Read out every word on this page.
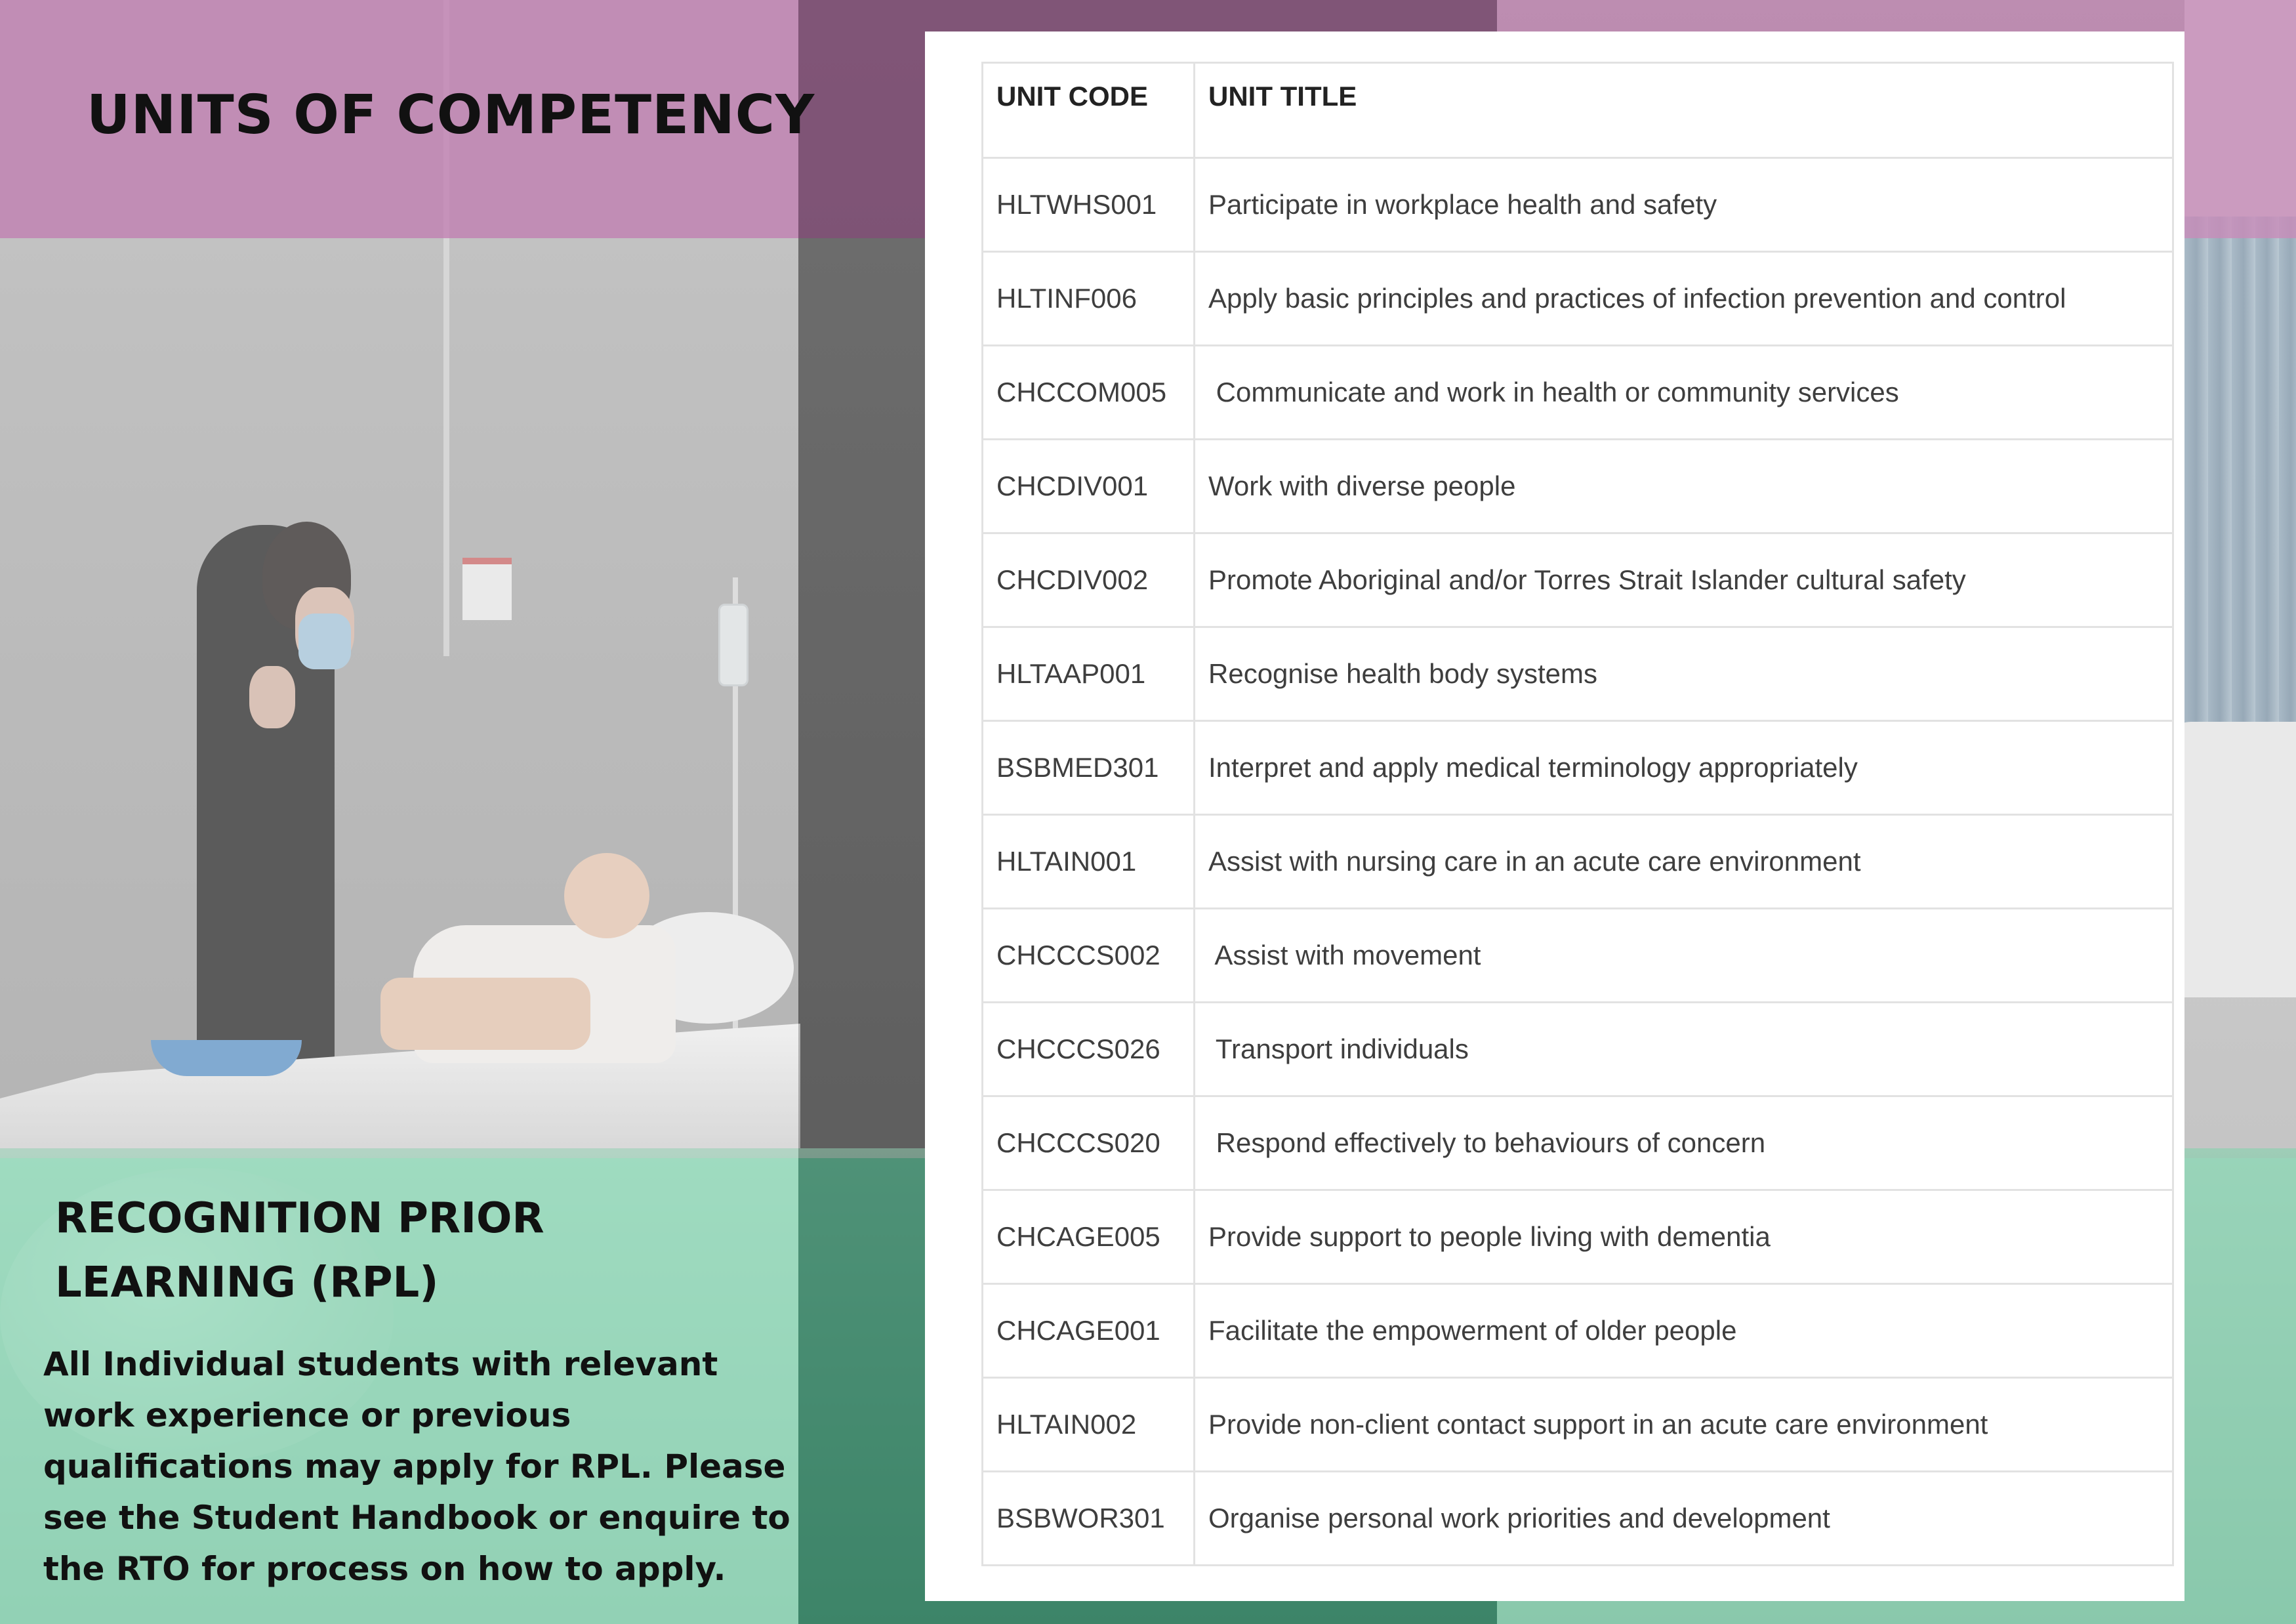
UNITS OF COMPETENCY
RECOGNITION PRIOR LEARNING (RPL)

All Individual students with relevant work experience or previous qualifications may apply for RPL. Please see the Student Handbook or enquire to the RTO for process on how to apply.

UNIT CODE	UNIT TITLE
HLTWHS001	Participate in workplace health and safety
HLTINF006	Apply basic principles and practices of infection prevention and control
CHCCOM005	Communicate and work in health or community services
CHCDIV001	Work with diverse people
CHCDIV002	Promote Aboriginal and/or Torres Strait Islander cultural safety
HLTAAP001	Recognise health body systems
BSBMED301	Interpret and apply medical terminology appropriately
HLTAIN001	Assist with nursing care in an acute care environment
CHCCCS002	Assist with movement
CHCCCS026	Transport individuals
CHCCCS020	Respond effectively to behaviours of concern
CHCAGE005	Provide support to people living with dementia
CHCAGE001	Facilitate the empowerment of older people
HLTAIN002	Provide non-client contact support in an acute care environment
BSBWOR301	Organise personal work priorities and development
